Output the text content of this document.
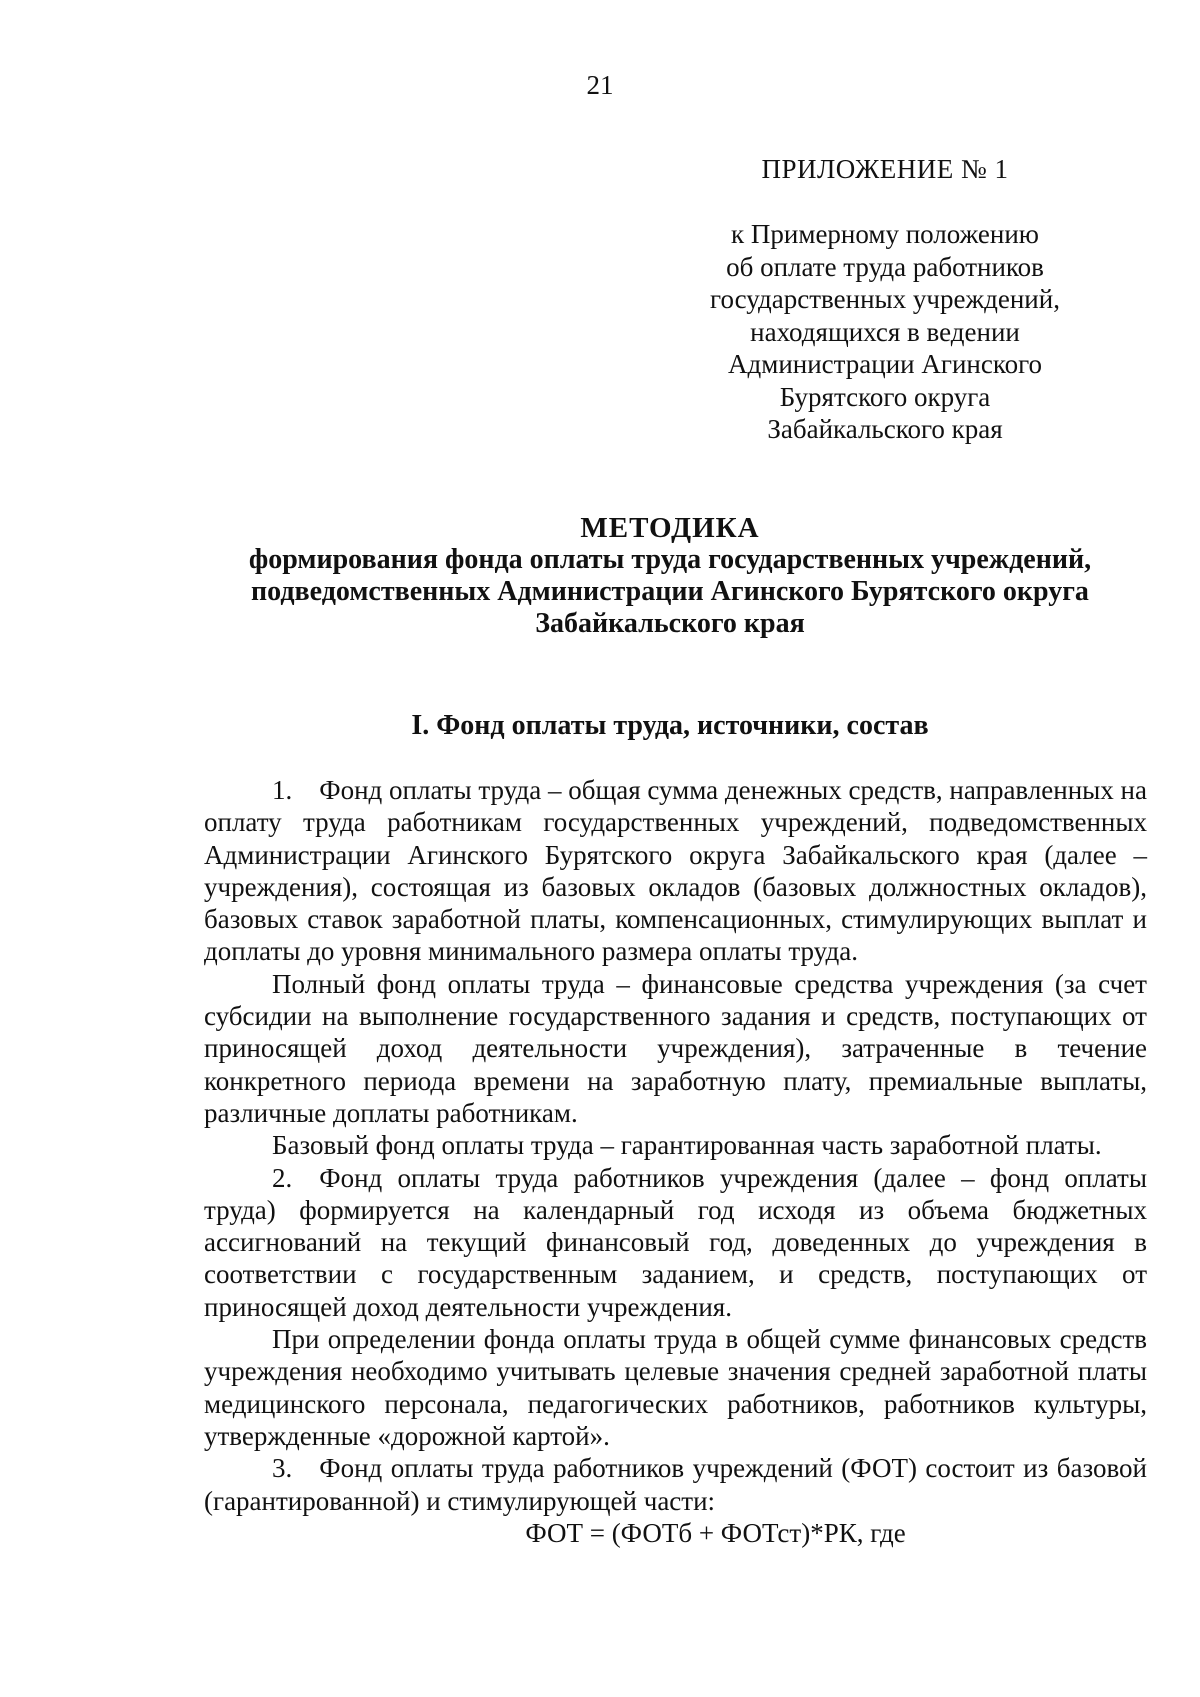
21
ПРИЛОЖЕНИЕ № 1
к Примерному положению
об оплате труда работников
государственных учреждений,
находящихся в ведении
Администрации Агинского
Бурятского округа
Забайкальского края
МЕТОДИКА
формирования фонда оплаты труда государственных учреждений,
подведомственных Администрации Агинского Бурятского округа
Забайкальского края
I. Фонд оплаты труда, источники, состав

1. Фонд оплаты труда – общая сумма денежных средств, направленных на оплату труда работникам государственных учреждений, подведомственных Администрации Агинского Бурятского округа Забайкальского края (далее – учреждения), состоящая из базовых окладов (базовых должностных окладов), базовых ставок заработной платы, компенсационных, стимулирующих выплат и доплаты до уровня минимального размера оплаты труда.

Полный фонд оплаты труда – финансовые средства учреждения (за счет субсидии на выполнение государственного задания и средств, поступающих от приносящей доход деятельности учреждения), затраченные в течение конкретного периода времени на заработную плату, премиальные выплаты, различные доплаты работникам.

Базовый фонд оплаты труда – гарантированная часть заработной платы.

2. Фонд оплаты труда работников учреждения (далее – фонд оплаты труда) формируется на календарный год исходя из объема бюджетных ассигнований на текущий финансовый год, доведенных до учреждения в соответствии с государственным заданием, и средств, поступающих от приносящей доход деятельности учреждения.

При определении фонда оплаты труда в общей сумме финансовых средств учреждения необходимо учитывать целевые значения средней заработной платы медицинского персонала, педагогических работников, работников культуры, утвержденные «дорожной картой».

3. Фонд оплаты труда работников учреждений (ФОТ) состоит из базовой (гарантированной) и стимулирующей части:

ФОТ = (ФОТб + ФОТст)*РК, где
